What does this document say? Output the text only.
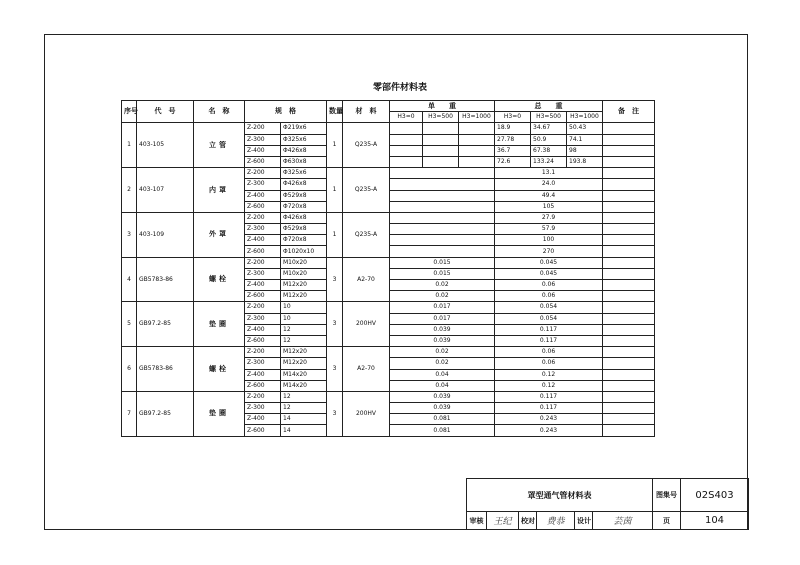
零部件材料表
序号	代　号	名　称	规　格		数量	材　料	单　　重			总　　重			备　注
							H3=0	H3=500	H3=1000	H3=0	H3=500	H3=1000	
1	403-105	立管	Z-200	Φ219x6	1	Q235-A				18.9	34.67	50.43	
			Z-300	Φ325x6						27.78	50.9	74.1	
			Z-400	Φ426x8						36.7	67.38	98	
			Z-600	Φ630x8						72.6	133.24	193.8	
2	403-107	内罩	Z-200	Φ325x6	1	Q235-A				13.1			
			Z-300	Φ426x8						24.0			
			Z-400	Φ529x8						49.4			
			Z-600	Φ720x8						105			
3	403-109	外罩	Z-200	Φ426x8	1	Q235-A				27.9			
			Z-300	Φ529x8						57.9			
			Z-400	Φ720x8						100			
			Z-600	Φ1020x10						270			
4	GB5783-86	螺栓	Z-200	M10x20	3	A2-70	0.015			0.045			
			Z-300	M10x20			0.015			0.045			
			Z-400	M12x20			0.02			0.06			
			Z-600	M12x20			0.02			0.06			
5	GB97.2-85	垫圈	Z-200	10	3	200HV	0.017			0.054			
			Z-300	10			0.017			0.054			
			Z-400	12			0.039			0.117			
			Z-600	12			0.039			0.117			
6	GB5783-86	螺栓	Z-200	M12x20	3	A2-70	0.02			0.06			
			Z-300	M12x20			0.02			0.06			
			Z-400	M14x20			0.04			0.12			
			Z-600	M14x20			0.04			0.12			
7	GB97.2-85	垫圈	Z-200	12	3	200HV	0.039			0.117			
			Z-300	12			0.039			0.117			
			Z-400	14			0.081			0.243			
			Z-600	14			0.081			0.243			
罩型通气管材料表						图集号	02S403
审核	王纪	校对	费恭	设计	芸茵	页	104
